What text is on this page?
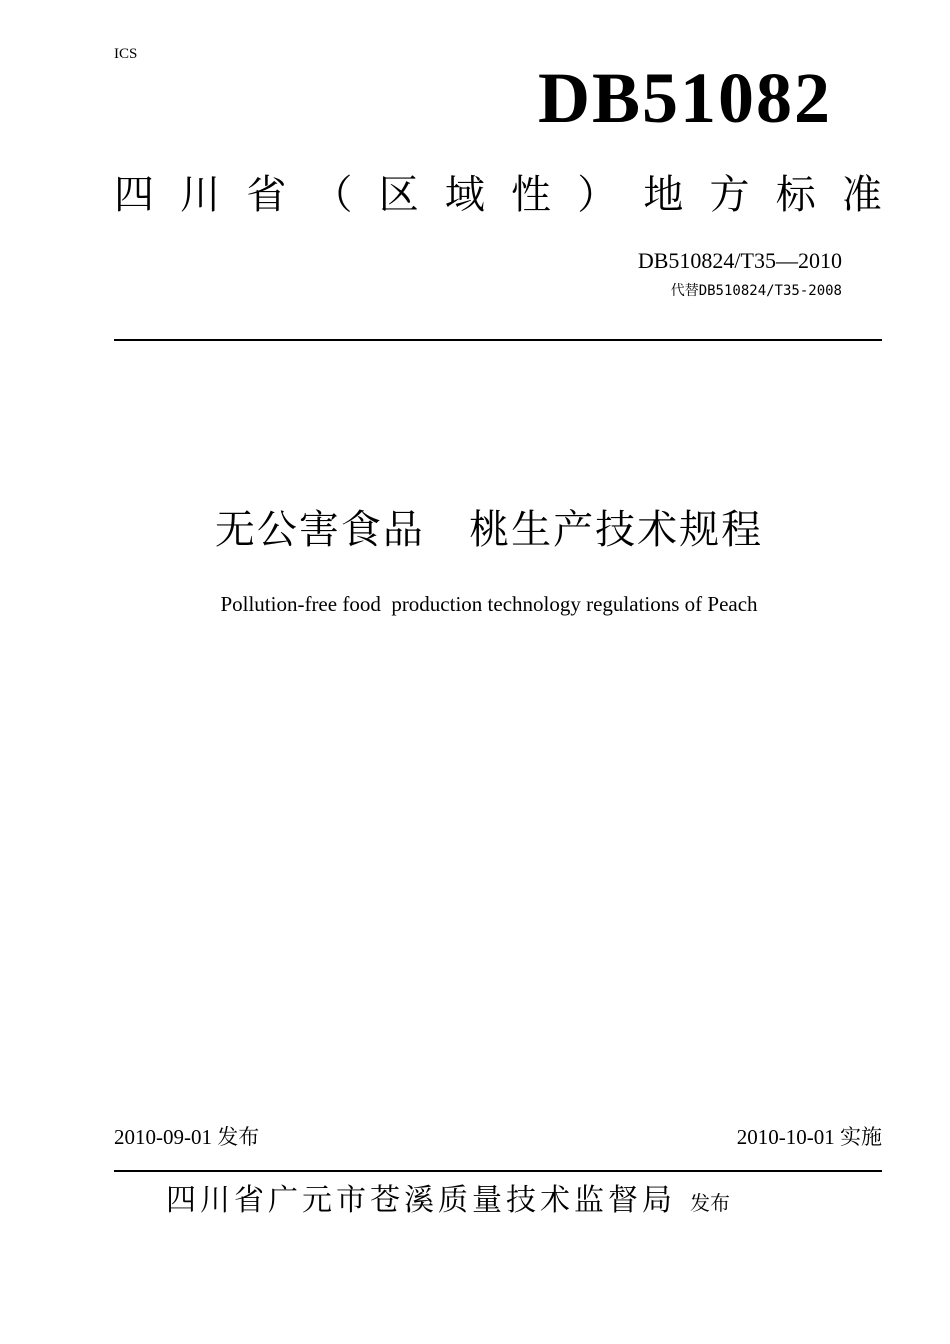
ICS
DB51082
四 川 省 （ 区 域 性 ） 地 方 标 准
DB510824/T35—2010
代替DB510824/T35-2008
无公害食品   桃生产技术规程
Pollution-free food  production technology regulations of Peach
2010-09-01 发布	2010-10-01 实施
四川省广元市苍溪质量技术监督局 发布
